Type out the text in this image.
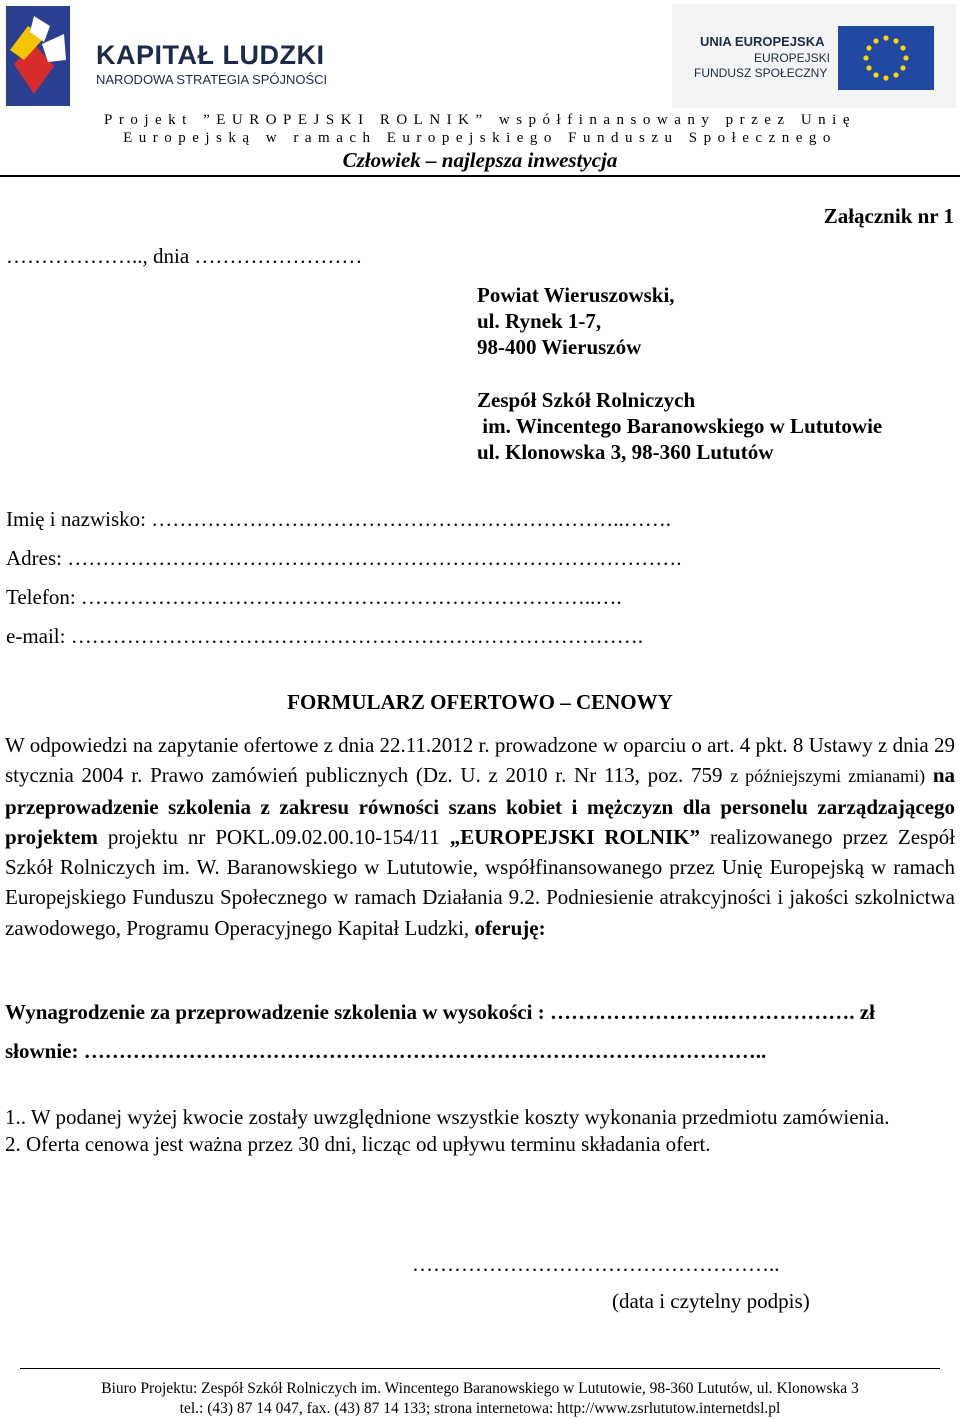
KAPITAŁ LUDZKI
NARODOWA STRATEGIA SPÓJNOŚCI
UNIA EUROPEJSKA
EUROPEJSKI
FUNDUSZ SPOŁECZNY
Projekt ”EUROPEJSKI ROLNIK” współfinansowany przez Unię
Europejską w ramach Europejskiego Funduszu Społecznego
Człowiek – najlepsza inwestycja
Załącznik nr 1
……………….., dnia ……………………
Powiat Wieruszowski,
ul. Rynek 1-7,
98-400 Wieruszów
Zespół Szkół Rolniczych
im. Wincentego Baranowskiego w Lututowie
ul. Klonowska 3, 98-360 Lututów
Imię i nazwisko: …………………………………………………………..…….
Adres: …………………………………………………………………………….
Telefon: ………………………………………………………………..….
e-mail: ……………………………………………………………………….
FORMULARZ OFERTOWO – CENOWY
W odpowiedzi na zapytanie ofertowe z dnia 22.11.2012 r. prowadzone w oparciu o art. 4 pkt. 8 Ustawy z dnia 29 stycznia 2004 r. Prawo zamówień publicznych (Dz. U. z 2010 r. Nr 113, poz. 759 z późniejszymi zmianami) na przeprowadzenie szkolenia z zakresu równości szans kobiet i mężczyzn dla personelu zarządzającego projektem projektu nr POKL.09.02.00.10-154/11 „EUROPEJSKI ROLNIK” realizowanego przez Zespół Szkół Rolniczych im. W. Baranowskiego w Lututowie, współfinansowanego przez Unię Europejską w ramach Europejskiego Funduszu Społecznego w ramach Działania 9.2. Podniesienie atrakcyjności i jakości szkolnictwa zawodowego, Programu Operacyjnego Kapitał Ludzki, oferuję:
Wynagrodzenie za przeprowadzenie szkolenia w wysokości : …………………….………………. zł
słownie: ……………………………………………………………………………………..
1.. W podanej wyżej kwocie zostały uwzględnione wszystkie koszty wykonania przedmiotu zamówienia.
2. Oferta cenowa jest ważna przez 30 dni, licząc od upływu terminu składania ofert.
……………………………………………..
(data i czytelny podpis)
Biuro Projektu: Zespół Szkół Rolniczych im. Wincentego Baranowskiego w Lututowie, 98-360 Lututów, ul. Klonowska 3
tel.: (43) 87 14 047, fax. (43) 87 14 133; strona internetowa: http://www.zsrlututow.internetdsl.pl
